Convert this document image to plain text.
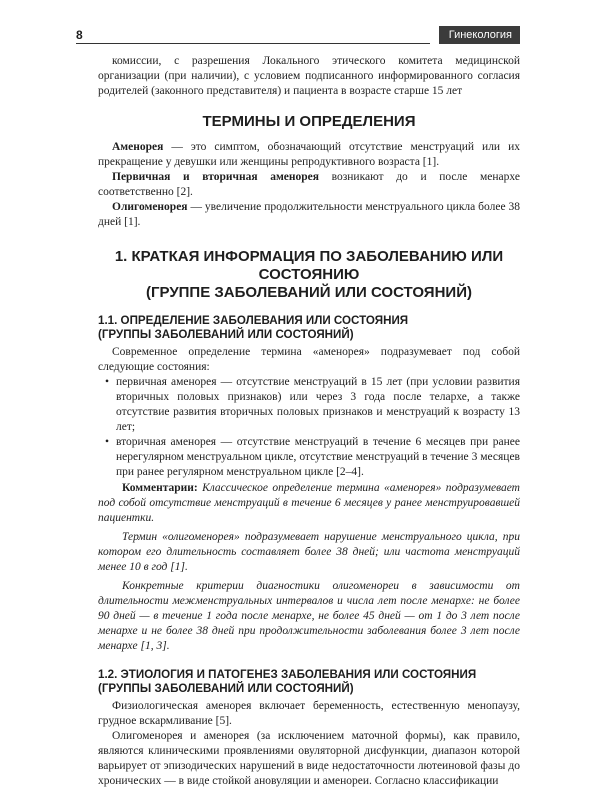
8	Гинекология

комиссии, с разрешения Локального этического комитета медицинской организации (при наличии), с условием подписанного информированного согласия родителей (законного представителя) и пациента в возрасте старше 15 лет

ТЕРМИНЫ И ОПРЕДЕЛЕНИЯ

Аменорея — это симптом, обозначающий отсутствие менструаций или их прекращение у девушки или женщины репродуктивного возраста [1].

Первичная и вторичная аменорея возникают до и после менархе соответственно [2].

Олигоменорея — увеличение продолжительности менструального цикла более 38 дней [1].

1. КРАТКАЯ ИНФОРМАЦИЯ ПО ЗАБОЛЕВАНИЮ ИЛИ СОСТОЯНИЮ

(ГРУППЕ ЗАБОЛЕВАНИЙ ИЛИ СОСТОЯНИЙ)

1.1. ОПРЕДЕЛЕНИЕ ЗАБОЛЕВАНИЯ ИЛИ СОСТОЯНИЯ

(ГРУППЫ ЗАБОЛЕВАНИЙ ИЛИ СОСТОЯНИЙ)

Современное определение термина «аменорея» подразумевает под собой следующие состояния:

• первичная аменорея — отсутствие менструаций в 15 лет (при условии развития вторичных половых признаков) или через 3 года после телархе, а также отсутствие развития вторичных половых признаков и менструаций к возрасту 13 лет;
• вторичная аменорея — отсутствие менструаций в течение 6 месяцев при ранее нерегулярном менструальном цикле, отсутствие менструаций в течение 3 месяцев при ранее регулярном менструальном цикле [2–4].

Комментарии: Классическое определение термина «аменорея» подразумевает под собой отсутствие менструаций в течение 6 месяцев у ранее менструировавшей пациентки.

Термин «олигоменорея» подразумевает нарушение менструального цикла, при котором его длительность составляет более 38 дней; или частота менструаций менее 10 в год [1].

Конкретные критерии диагностики олигоменореи в зависимости от длительности межменструальных интервалов и числа лет после менархе: не более 90 дней — в течение 1 года после менархе, не более 45 дней — от 1 до 3 лет после менархе и не более 38 дней при продолжительности заболевания более 3 лет после менархе [1, 3].

1.2. ЭТИОЛОГИЯ И ПАТОГЕНЕЗ ЗАБОЛЕВАНИЯ ИЛИ СОСТОЯНИЯ

(ГРУППЫ ЗАБОЛЕВАНИЙ ИЛИ СОСТОЯНИЙ)

Физиологическая аменорея включает беременность, естественную менопаузу, грудное вскармливание [5].

Олигоменорея и аменорея (за исключением маточной формы), как правило, являются клиническими проявлениями овуляторной дисфункции, диапазон которой варьирует от эпизодических нарушений в виде недостаточности лютеиновой фазы до хронических — в виде стойкой ановуляции и аменореи. Согласно классификации
